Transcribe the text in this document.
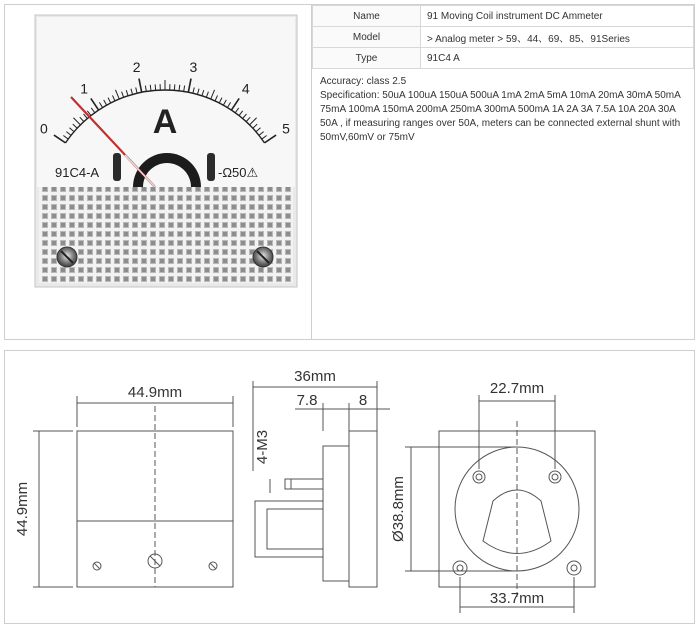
0
1
2	3
4
5
A
91C4-A	-Ω50⚠
Name	91 Moving Coil instrument DC Ammeter
Model	> Analog meter > 59、44、69、85、91Series
Type	91C4 A

Accuracy: class 2.5

Specification: 50uA 100uA 150uA 500uA 1mA 2mA 5mA 10mA 20mA 30mA 50mA 75mA 100mA 150mA 200mA 250mA 300mA 500mA 1A 2A 3A 7.5A 10A 20A 30A 50A , if measuring ranges over 50A, meters can be connected external shunt with 50mV,60mV or 75mV

44.9mm
44.9mm
36mm
7.8	8
4-M3
Ø38.8mm
22.7mm
33.7mm
